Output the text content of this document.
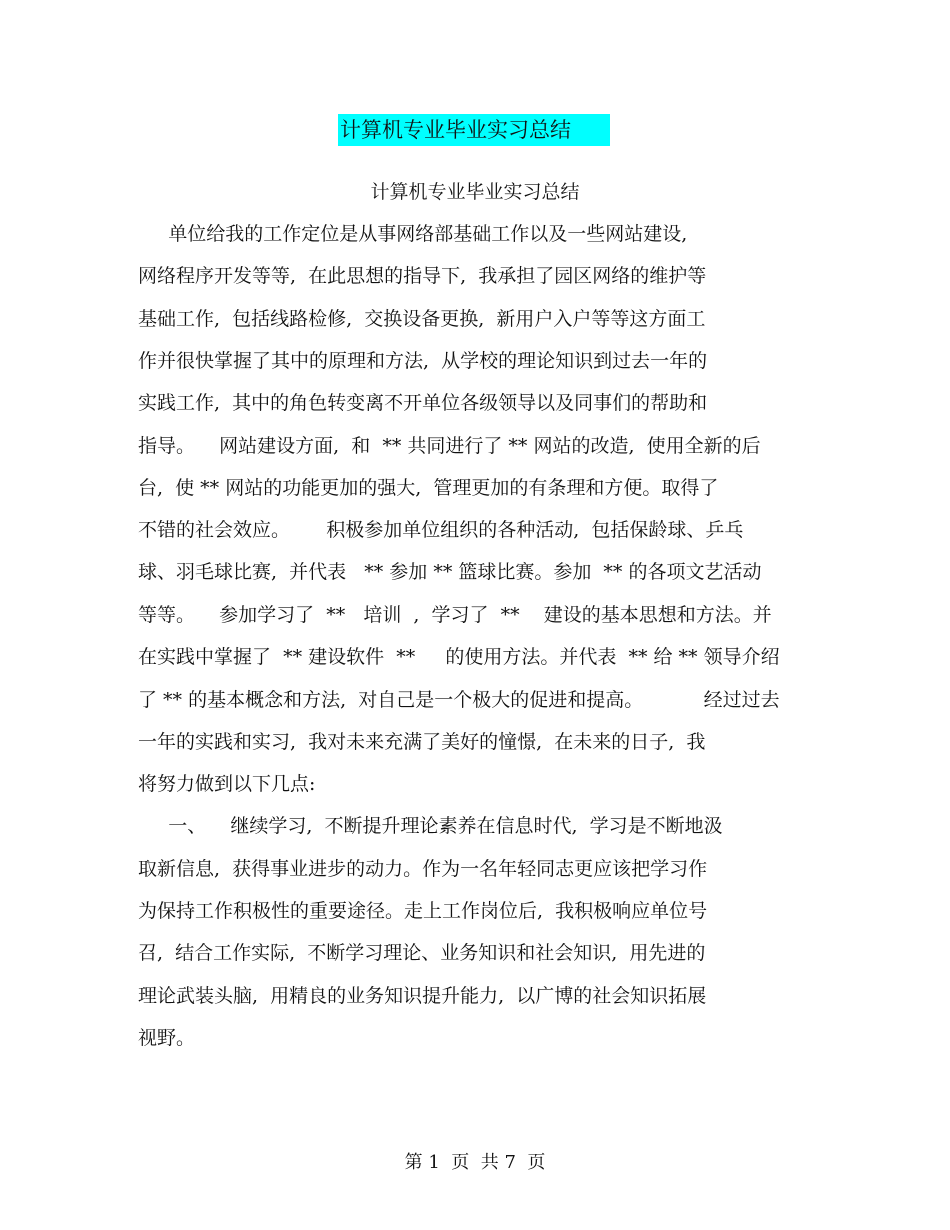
计算机专业毕业实习总结
计算机专业毕业实习总结
单位给我的工作定位是从事网络部基础工作以及一些网站建设,
网络程序开发等等,  在此思想的指导下,  我承担了园区网络的维护等
基础工作,  包括线路检修,  交换设备更换,  新用户入户等等这方面工
作并很快掌握了其中的原理和方法,  从学校的理论知识到过去一年的
实践工作,  其中的角色转变离不开单位各级领导以及同事们的帮助和
指导。    网站建设方面,  和  ** 共同进行了 ** 网站的改造,  使用全新的后
台,  使 ** 网站的功能更加的强大,  管理更加的有条理和方便。取得了
不错的社会效应。      积极参加单位组织的各种活动,  包括保龄球、乒乓
球、羽毛球比赛,  并代表   ** 参加 ** 篮球比赛。参加  ** 的各项文艺活动
等等。    参加学习了  **   培训  ,  学习了  **    建设的基本思想和方法。并
在实践中掌握了  ** 建设软件  **     的使用方法。并代表  ** 给 ** 领导介绍
了 ** 的基本概念和方法,  对自己是一个极大的促进和提高。          经过过去
一年的实践和实习,  我对未来充满了美好的憧憬,  在未来的日子,  我
将努力做到以下几点:
一、    继续学习,  不断提升理论素养在信息时代,  学习是不断地汲
取新信息,  获得事业进步的动力。作为一名年轻同志更应该把学习作
为保持工作积极性的重要途径。走上工作岗位后,  我积极响应单位号
召,  结合工作实际,  不断学习理论、业务知识和社会知识,  用先进的
理论武装头脑,  用精良的业务知识提升能力,  以广博的社会知识拓展
视野。
第 1  页  共 7  页
